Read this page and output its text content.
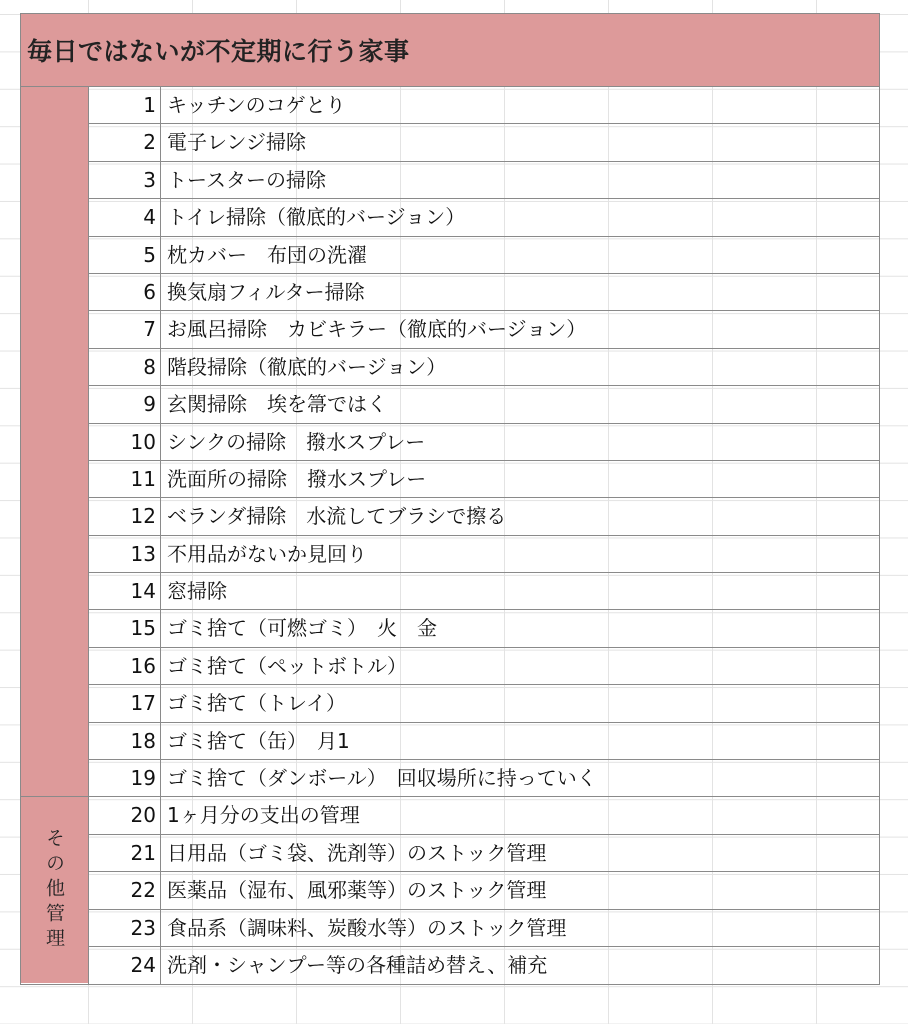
毎日ではないが不定期に行う家事
その他管理
1 キッチンのコゲとり
2 電子レンジ掃除
3 トースターの掃除
4 トイレ掃除（徹底的バージョン）
5 枕カバー　布団の洗濯
6 換気扇フィルター掃除
7 お風呂掃除　カビキラー（徹底的バージョン）
8 階段掃除（徹底的バージョン）
9 玄関掃除　埃を箒ではく
10 シンクの掃除　撥水スプレー
11 洗面所の掃除　撥水スプレー
12 ベランダ掃除　水流してブラシで擦る
13 不用品がないか見回り
14 窓掃除
15 ゴミ捨て（可燃ゴミ）　火　金
16 ゴミ捨て（ペットボトル）
17 ゴミ捨て（トレイ）
18 ゴミ捨て（缶）　月1
19 ゴミ捨て（ダンボール）　回収場所に持っていく
20 1ヶ月分の支出の管理
21 日用品（ゴミ袋、洗剤等）のストック管理
22 医薬品（湿布、風邪薬等）のストック管理
23 食品系（調味料、炭酸水等）のストック管理
24 洗剤・シャンプー等の各種詰め替え、補充
